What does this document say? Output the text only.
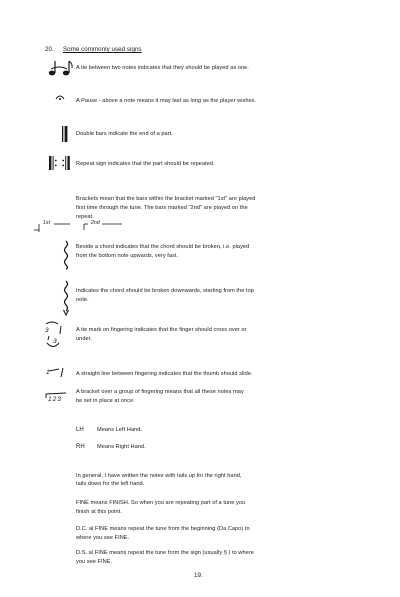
20. Some commonly used signs
A tie between two notes indicates that they should be played as one.
A Pause - above a note means it may last as long as the player wishes.
Double bars indicate the end of a part.
Repeat sign indicates that the part should be repeated.
Brackets mean that the bars within the bracket marked "1st" are played
first time through the tune. The bars marked "2nd" are played on the
repeat.
1st	2nd
Beside a chord indicates that the chord should be broken, i.e. played
from the bottom note upwards, very fast.
Indicates the chord should be broken downwards, starting from the top
note.
3
3
A tie mark on fingering indicates that the finger should cross over or
under.
1	A straight line between fingering indicates that the thumb should slide.
123
A bracket over a group of fingering means that all these notes may
be set in place at once.
LH Means Left Hand.
RH Means Right Hand.
In general, I have written the notes with tails up for the right hand,
tails down for the left hand.
FINE means FINISH. So when you are repeating part of a tune you
finish at this point.
D.C. al FINE means repeat the tune from the beginning (Da Capo) to
where you see FINE.
D.S. al FINE means repeat the tune from the sign (usually § ) to where
you see FINE.
19.
